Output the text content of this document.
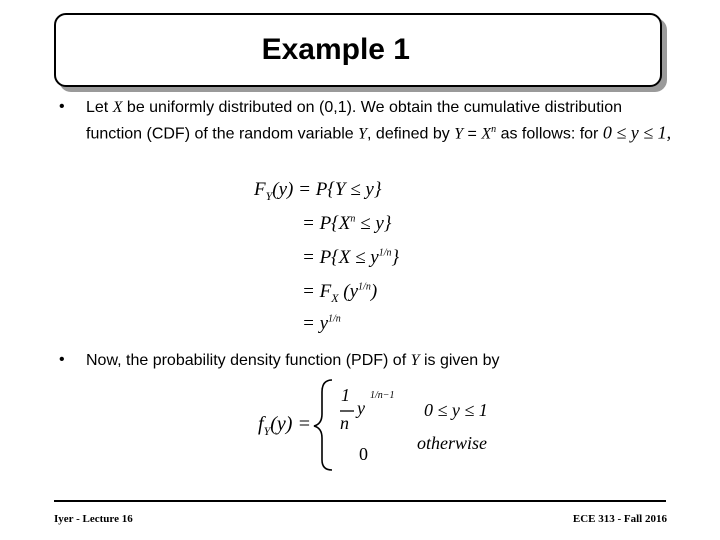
Example 1
• Let X be uniformly distributed on (0,1). We obtain the cumulative distribution function (CDF) of the random variable Y, defined by $Y = X^n$ as follows: for 0 ≤ y ≤ 1,
$F_Y(y) = P\{Y \le y\}$
= $P\{X^n \le y\}$
= $P\{X \le y^{1/n}\}$
= $F_X$ $(y^{1/n})$
= $y^{1/n}$
• Now, the probability density function (PDF) of Y is given by
$f_Y(y)$ =
1
n
y
1/n−1
0 ≤ y ≤ 1
0
otherwise
Iyer - Lecture 16	ECE 313 - Fall 2016
